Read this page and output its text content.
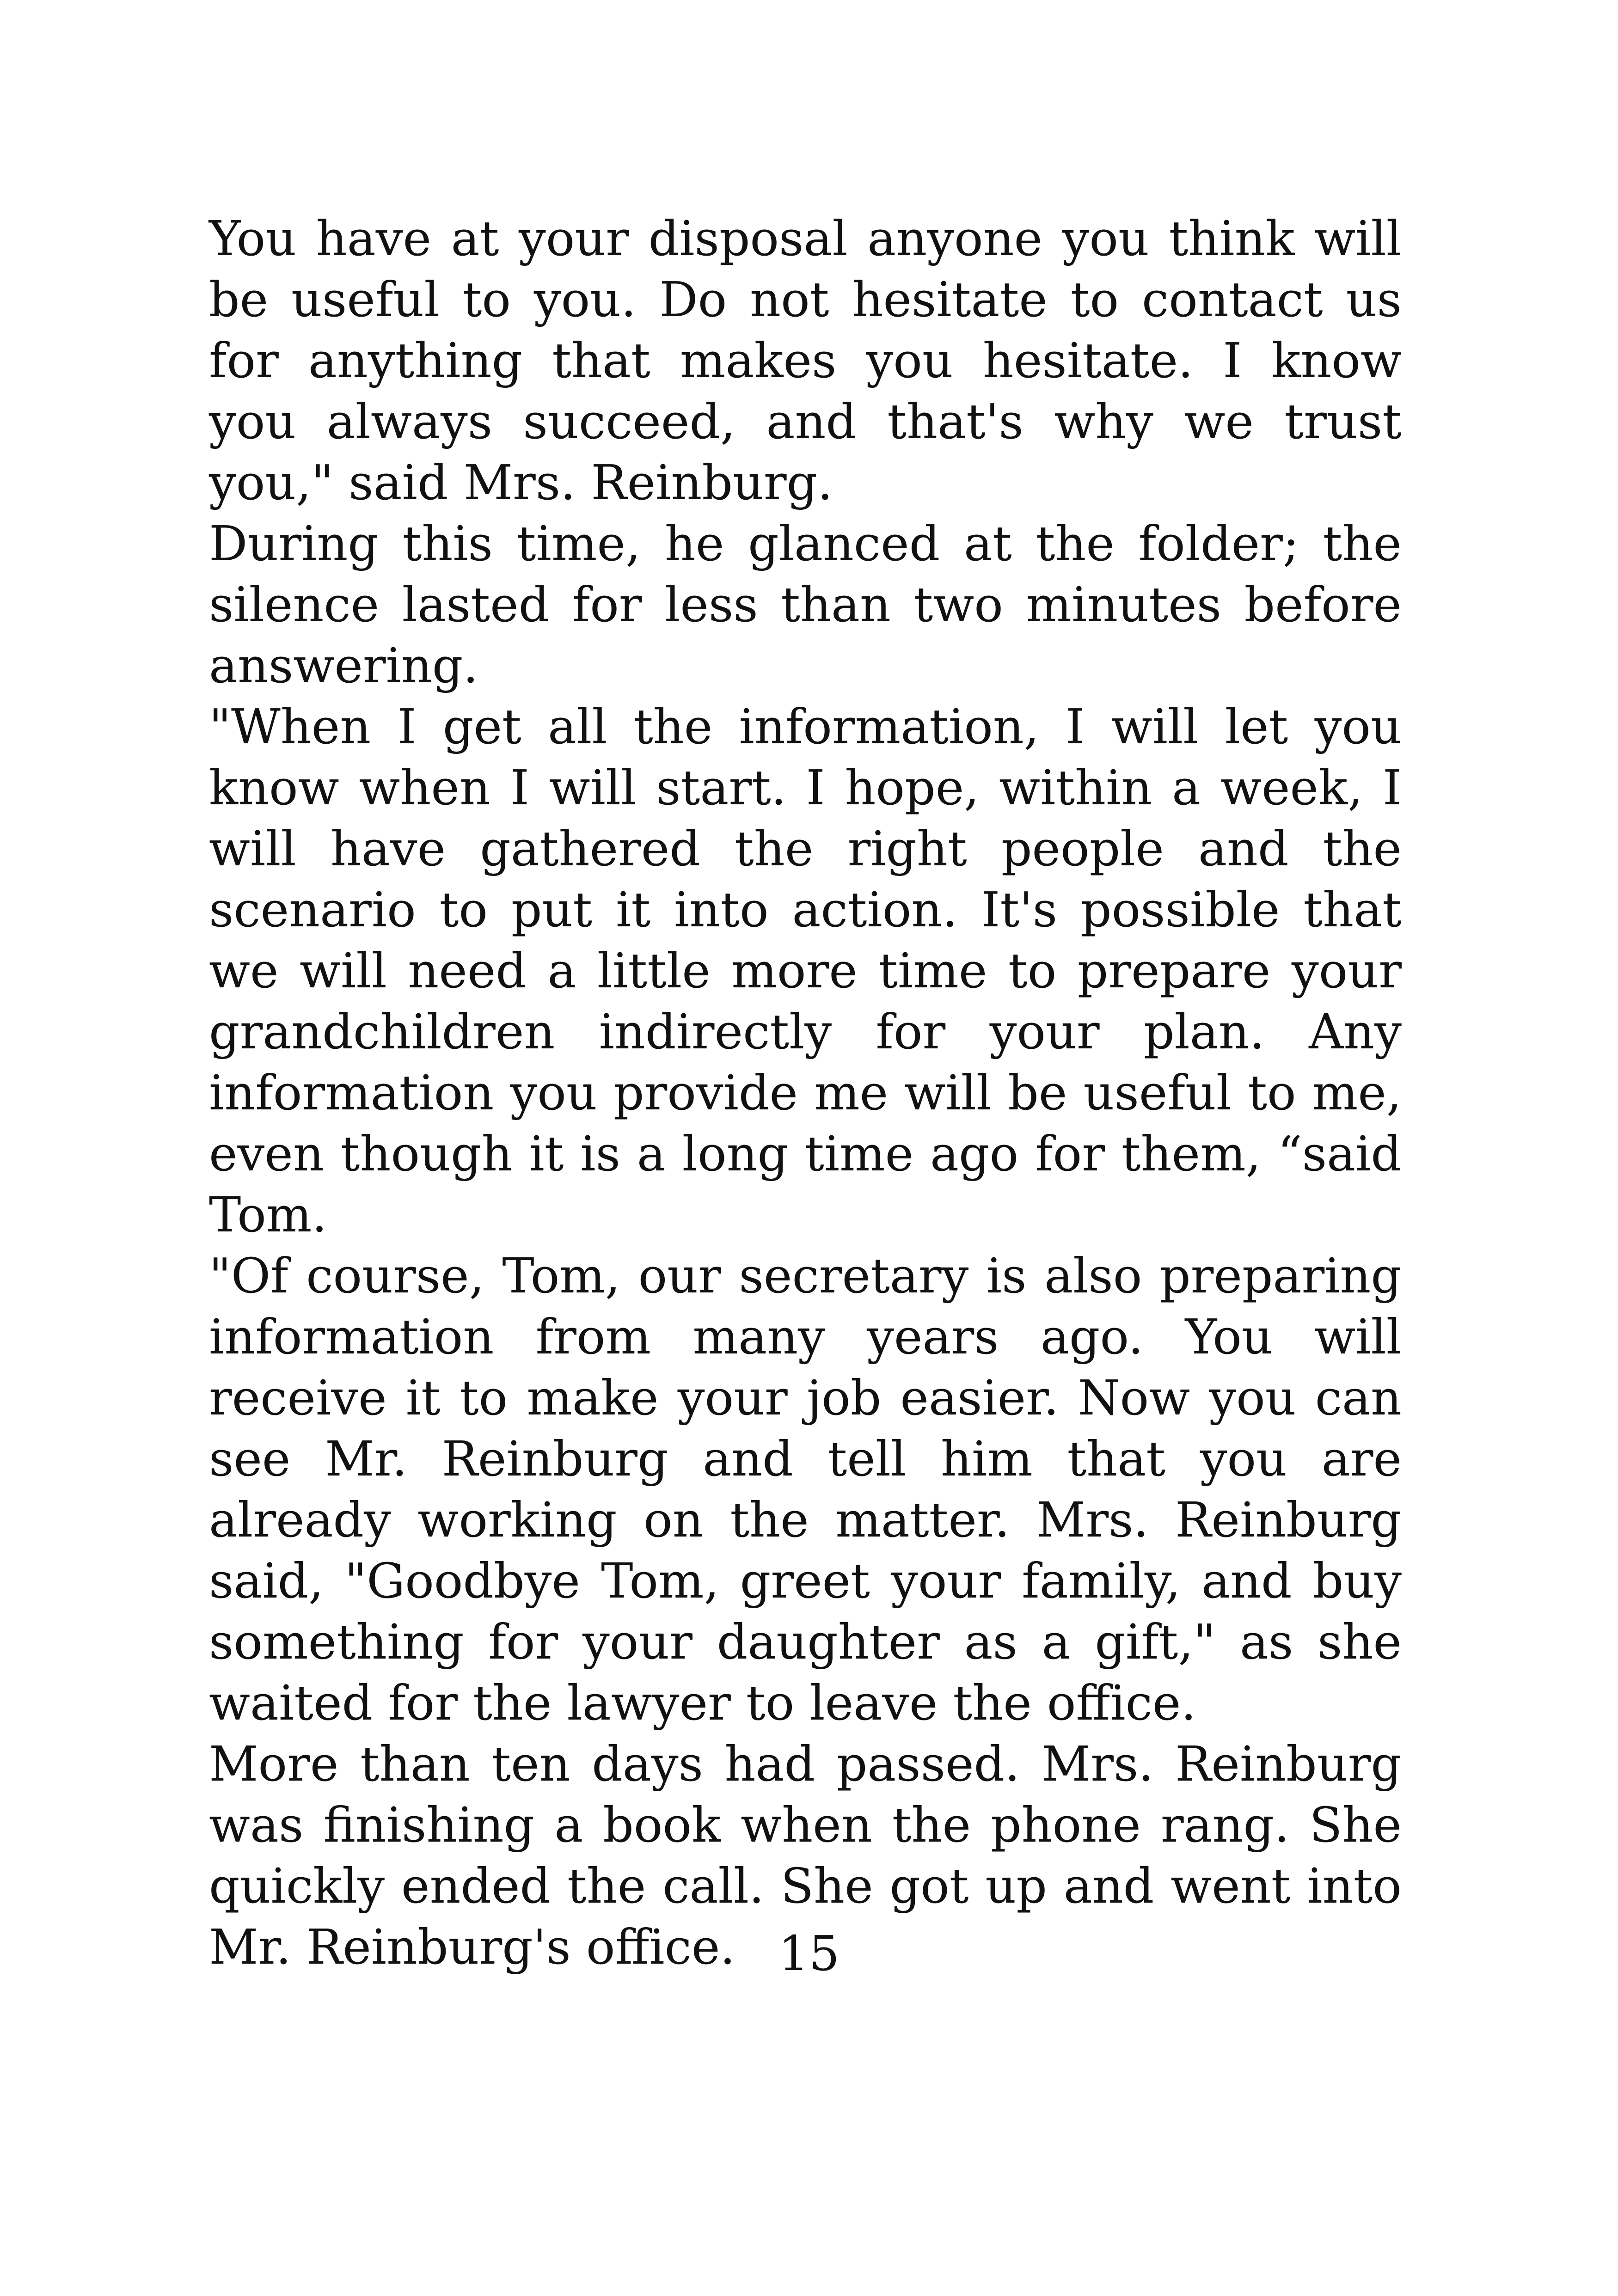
You have at your disposal anyone you think will be useful to you. Do not hesitate to contact us for anything that makes you hesitate. I know you always succeed, and that's why we trust you," said Mrs. Reinburg.

During this time, he glanced at the folder; the silence lasted for less than two minutes before answering.

"When I get all the information, I will let you know when I will start. I hope, within a week, I will have gathered the right people and the scenario to put it into action. It's possible that we will need a little more time to prepare your grandchildren indirectly for your plan. Any information you provide me will be useful to me, even though it is a long time ago for them, “said Tom.

"Of course, Tom, our secretary is also preparing information from many years ago. You will receive it to make your job easier. Now you can see Mr. Reinburg and tell him that you are already working on the matter. Mrs. Reinburg said, "Goodbye Tom, greet your family, and buy something for your daughter as a gift," as she waited for the lawyer to leave the office.

More than ten days had passed. Mrs. Reinburg was finishing a book when the phone rang. She quickly ended the call. She got up and went into Mr. Reinburg's office. 15
